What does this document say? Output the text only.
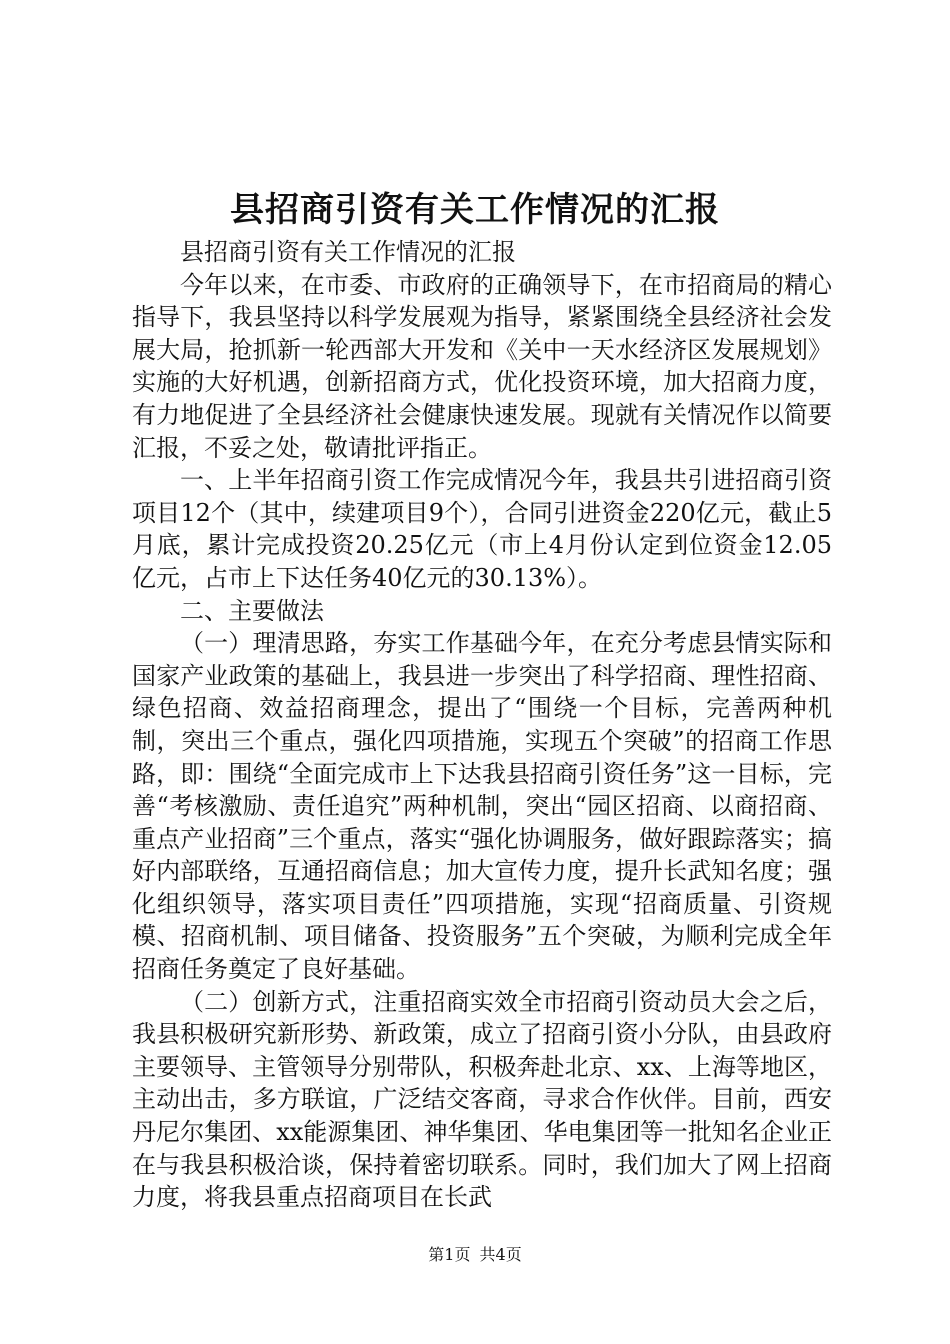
县招商引资有关工作情况的汇报

县招商引资有关工作情况的汇报

今年以来，在市委、市政府的正确领导下，在市招商局的精心指导下，我县坚持以科学发展观为指导，紧紧围绕全县经济社会发展大局，抢抓新一轮西部大开发和《关中一天水经济区发展规划》实施的大好机遇，创新招商方式，优化投资环境，加大招商力度，有力地促进了全县经济社会健康快速发展。现就有关情况作以简要汇报，不妥之处，敬请批评指正。

一、上半年招商引资工作完成情况今年，我县共引进招商引资项目12个（其中，续建项目9个），合同引进资金220亿元，截止5月底，累计完成投资20.25亿元（市上4月份认定到位资金12.05亿元，占市上下达任务40亿元的30.13%）。

二、主要做法

（一）理清思路，夯实工作基础今年，在充分考虑县情实际和国家产业政策的基础上，我县进一步突出了科学招商、理性招商、绿色招商、效益招商理念，提出了“围绕一个目标，完善两种机制，突出三个重点，强化四项措施，实现五个突破”的招商工作思路，即：围绕“全面完成市上下达我县招商引资任务”这一目标，完善“考核激励、责任追究”两种机制，突出“园区招商、以商招商、重点产业招商”三个重点，落实“强化协调服务，做好跟踪落实；搞好内部联络，互通招商信息；加大宣传力度，提升长武知名度；强化组织领导，落实项目责任”四项措施，实现“招商质量、引资规模、招商机制、项目储备、投资服务”五个突破，为顺利完成全年招商任务奠定了良好基础。

（二）创新方式，注重招商实效全市招商引资动员大会之后，我县积极研究新形势、新政策，成立了招商引资小分队，由县政府主要领导、主管领导分别带队，积极奔赴北京、xx、上海等地区，主动出击，多方联谊，广泛结交客商，寻求合作伙伴。目前，西安丹尼尔集团、xx能源集团、神华集团、华电集团等一批知名企业正在与我县积极洽谈，保持着密切联系。同时，我们加大了网上招商力度，将我县重点招商项目在长武

第1页 共4页
